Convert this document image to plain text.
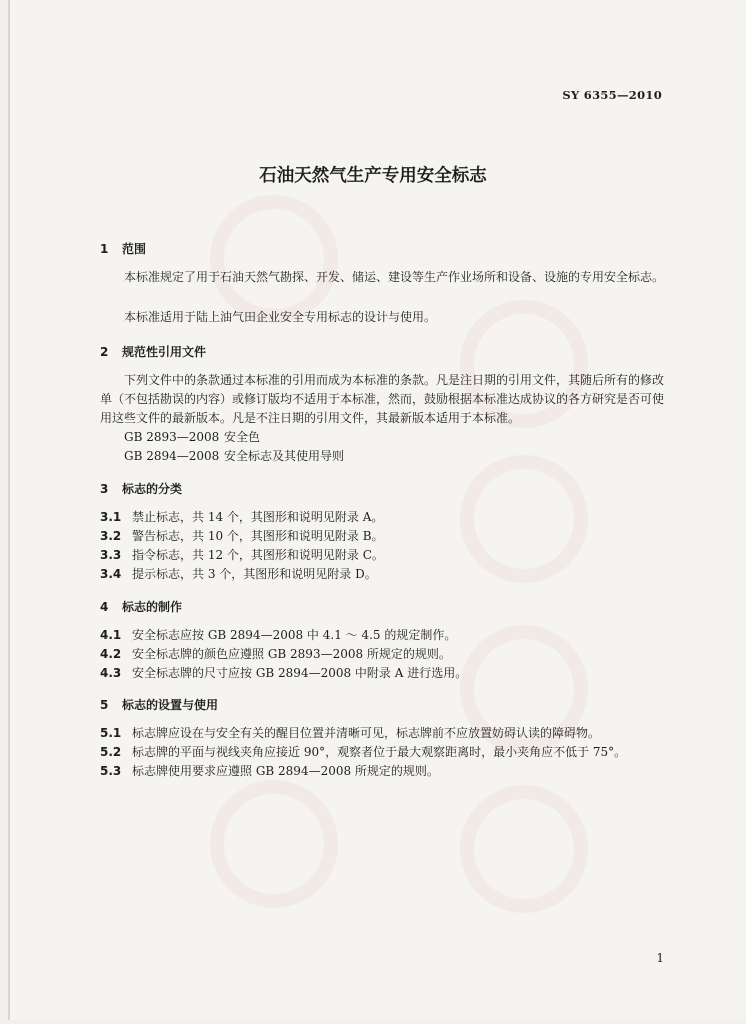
SY 6355—2010
石油天然气生产专用安全标志
1 范围

本标准规定了用于石油天然气勘探、开发、储运、建设等生产作业场所和设备、设施的专用安全标志。

本标准适用于陆上油气田企业安全专用标志的设计与使用。

2 规范性引用文件

下列文件中的条款通过本标准的引用而成为本标准的条款。凡是注日期的引用文件，其随后所有的修改单（不包括勘误的内容）或修订版均不适用于本标准，然而，鼓励根据本标准达成协议的各方研究是否可使用这些文件的最新版本。凡是不注日期的引用文件，其最新版本适用于本标准。

GB 2893—2008 安全色
GB 2894—2008 安全标志及其使用导则
3 标志的分类
3.1 禁止标志，共 14 个，其图形和说明见附录 A。
3.2 警告标志，共 10 个，其图形和说明见附录 B。
3.3 指令标志，共 12 个，其图形和说明见附录 C。
3.4 提示标志，共 3 个，其图形和说明见附录 D。
4 标志的制作
4.1 安全标志应按 GB 2894—2008 中 4.1 ～ 4.5 的规定制作。
4.2 安全标志牌的颜色应遵照 GB 2893—2008 所规定的规则。
4.3 安全标志牌的尺寸应按 GB 2894—2008 中附录 A 进行选用。
5 标志的设置与使用
5.1 标志牌应设在与安全有关的醒目位置并清晰可见，标志牌前不应放置妨碍认读的障碍物。
5.2 标志牌的平面与视线夹角应接近 90°，观察者位于最大观察距离时，最小夹角应不低于 75°。
5.3 标志牌使用要求应遵照 GB 2894—2008 所规定的规则。
1
